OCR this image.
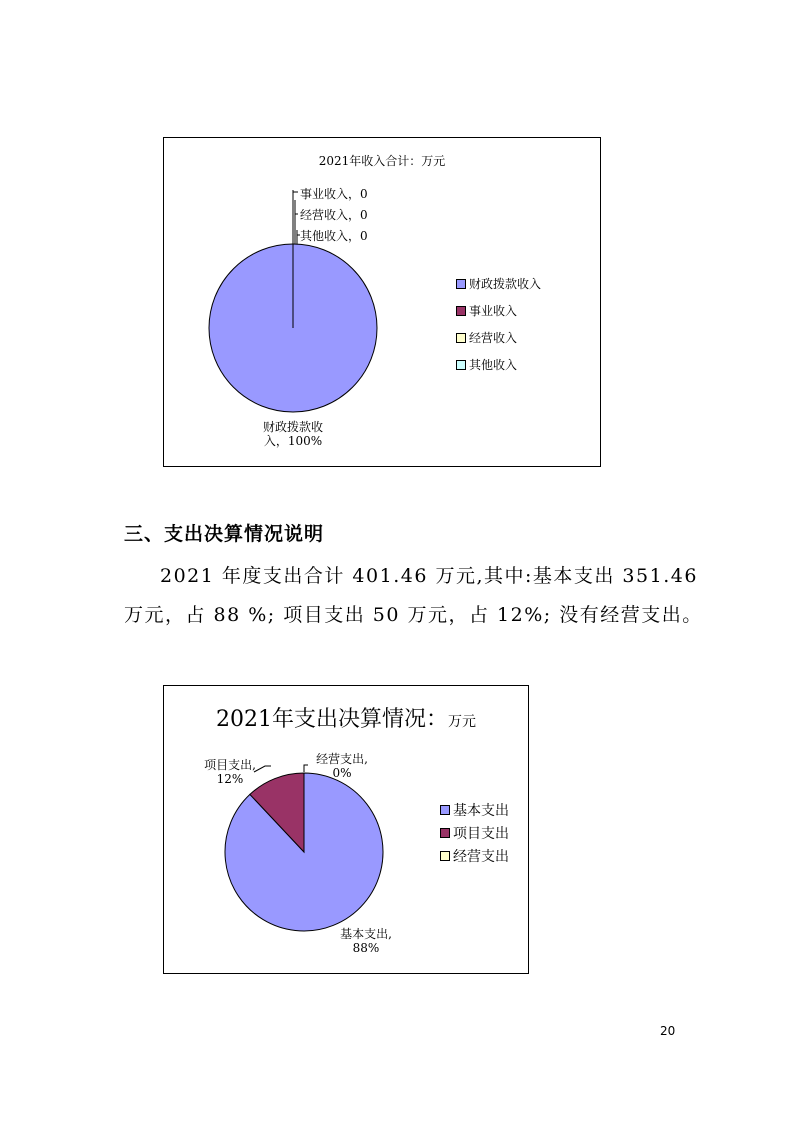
2021年收入合计：万元
事业收入，0
经营收入，0
其他收入，0
财政拨款收
入，100%
财政拨款收入
事业收入
经营收入
其他收入
三、支出决算情况说明
2021 年度支出合计 401.46 万元,其中:基本支出 351.46
万元，占 88 %; 项目支出 50 万元，占 12%; 没有经营支出。
2021年支出决算情况：万元
项目支出,
12%
经营支出,
0%
基本支出,
88%
基本支出
项目支出
经营支出
20
